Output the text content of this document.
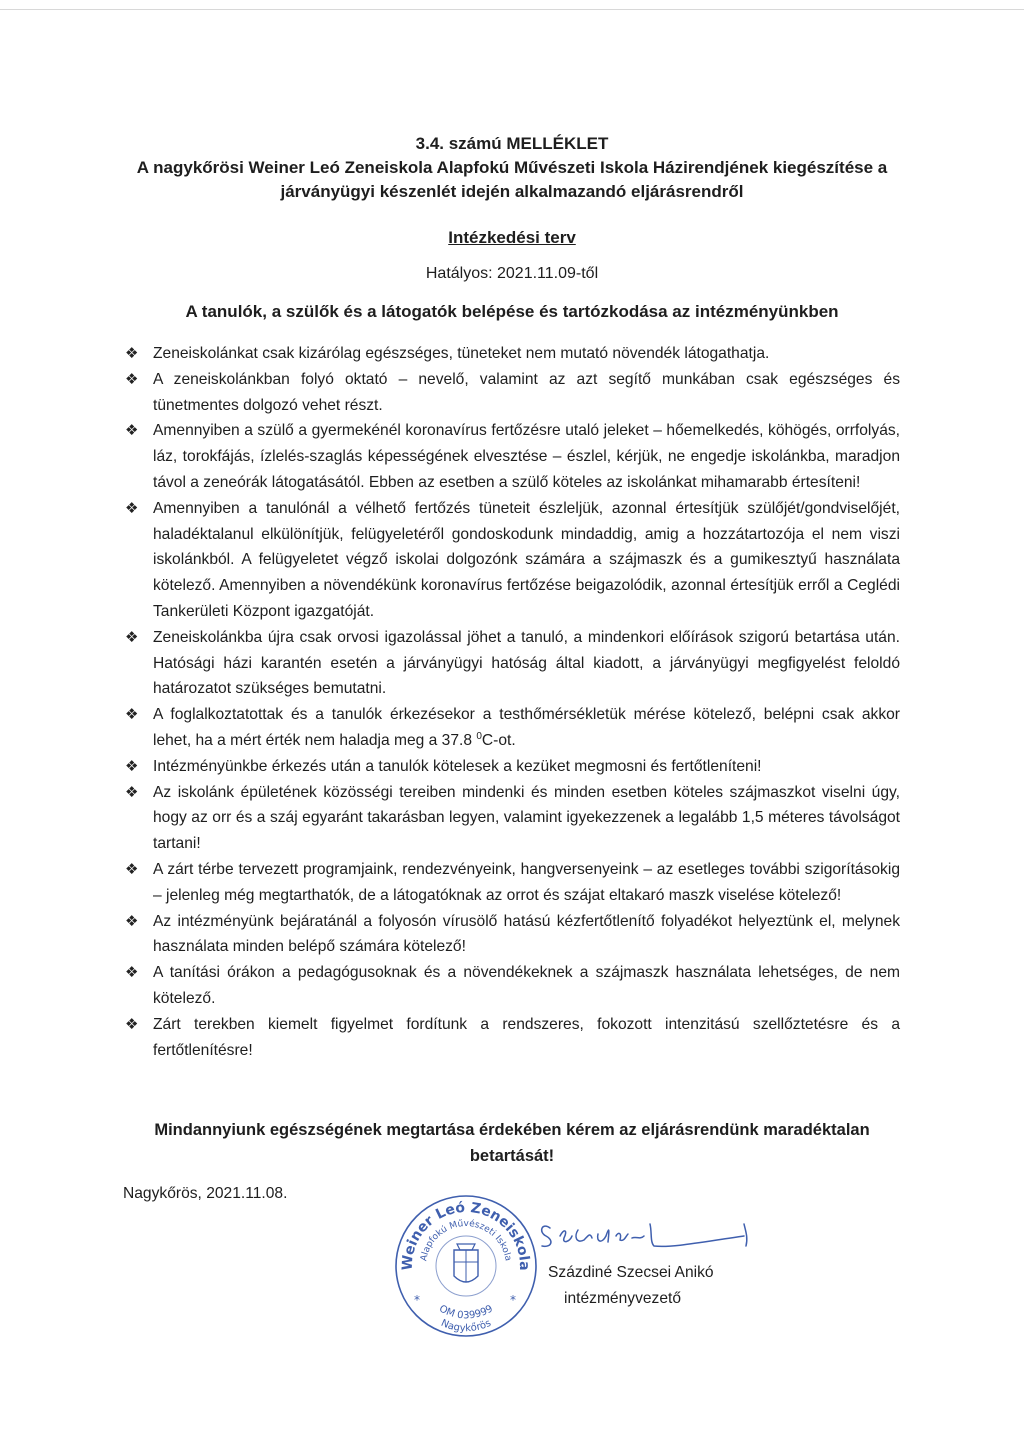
3.4. számú MELLÉKLET
A nagykőrösi Weiner Leó Zeneiskola Alapfokú Művészeti Iskola Házirendjének kiegészítése a
járványügyi készenlét idején alkalmazandó eljárásrendről
Intézkedési terv
Hatályos: 2021.11.09-től
A tanulók, a szülők és a látogatók belépése és tartózkodása az intézményünkben
❖ Zeneiskolánkat csak kizárólag egészséges, tüneteket nem mutató növendék látogathatja.
❖ A zeneiskolánkban folyó oktató – nevelő, valamint az azt segítő munkában csak egészséges és tünetmentes dolgozó vehet részt.
❖ Amennyiben a szülő a gyermekénél koronavírus fertőzésre utaló jeleket – hőemelkedés, köhögés, orrfolyás, láz, torokfájás, ízlelés-szaglás képességének elvesztése – észlel, kérjük, ne engedje iskolánkba, maradjon távol a zeneórák látogatásától. Ebben az esetben a szülő köteles az iskolánkat mihamarabb értesíteni!
❖ Amennyiben a tanulónál a vélhető fertőzés tüneteit észleljük, azonnal értesítjük szülőjét/gondviselőjét, haladéktalanul elkülönítjük, felügyeletéről gondoskodunk mindaddig, amig a hozzátartozója el nem viszi iskolánkból. A felügyeletet végző iskolai dolgozónk számára a szájmaszk és a gumikesztyű használata kötelező. Amennyiben a növendékünk koronavírus fertőzése beigazolódik, azonnal értesítjük erről a Ceglédi Tankerületi Központ igazgatóját.
❖ Zeneiskolánkba újra csak orvosi igazolással jöhet a tanuló, a mindenkori előírások szigorú betartása után. Hatósági házi karantén esetén a járványügyi hatóság által kiadott, a járványügyi megfigyelést feloldó határozatot szükséges bemutatni.
❖ A foglalkoztatottak és a tanulók érkezésekor a testhőmérsékletük mérése kötelező, belépni csak akkor lehet, ha a mért érték nem haladja meg a 37.8 $^0$C-ot.
❖ Intézményünkbe érkezés után a tanulók kötelesek a kezüket megmosni és fertőtleníteni!
❖ Az iskolánk épületének közösségi tereiben mindenki és minden esetben köteles szájmaszkot viselni úgy, hogy az orr és a száj egyaránt takarásban legyen, valamint igyekezzenek a legalább 1,5 méteres távolságot tartani!
❖ A zárt térbe tervezett programjaink, rendezvényeink, hangversenyeink – az esetleges további szigorításokig – jelenleg még megtarthatók, de a látogatóknak az orrot és szájat eltakaró maszk viselése kötelező!
❖ Az intézményünk bejáratánál a folyosón vírusölő hatású kézfertőtlenítő folyadékot helyeztünk el, melynek használata minden belépő számára kötelező!
❖ A tanítási órákon a pedagógusoknak és a növendékeknek a szájmaszk használata lehetséges, de nem kötelező.
❖ Zárt terekben kiemelt figyelmet fordítunk a rendszeres, fokozott intenzitású szellőztetésre és a fertőtlenítésre!
Mindannyiunk egészségének megtartása érdekében kérem az eljárásrendünk maradéktalan
betartását!
Nagykőrös, 2021.11.08.
Weiner Leó Zeneiskola
Alapfokú Művészeti Iskola
OM 039999
Nagykőrös
*	*
Százdiné Szecsei Anikó
intézményvezető
